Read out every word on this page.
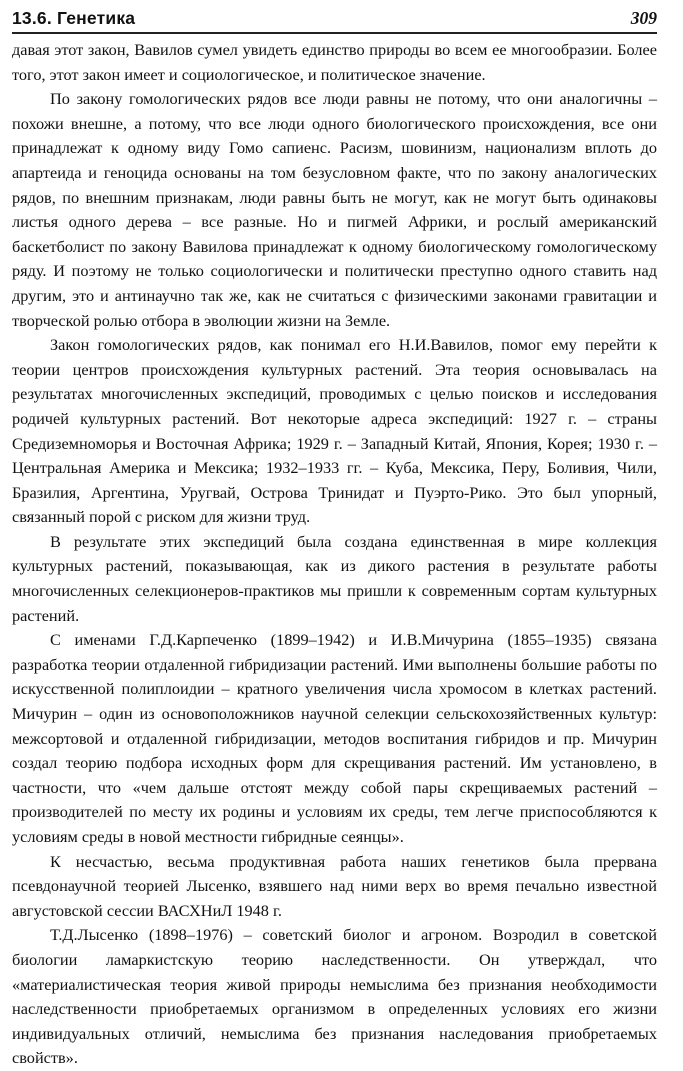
13.6. Генетика	309

давая этот закон, Вавилов сумел увидеть единство природы во всем ее многообразии. Более того, этот закон имеет и социологическое, и политическое значение.

По закону гомологических рядов все люди равны не потому, что они аналогичны – похожи внешне, а потому, что все люди одного биологического происхождения, все они принадлежат к одному виду Гомо сапиенс. Расизм, шовинизм, национализм вплоть до апартеида и геноцида основаны на том безусловном факте, что по закону аналогических рядов, по внешним признакам, люди равны быть не могут, как не могут быть одинаковы листья одного дерева – все разные. Но и пигмей Африки, и рослый американский баскетболист по закону Вавилова принадлежат к одному биологическому гомологическому ряду. И поэтому не только социологически и политически преступно одного ставить над другим, это и антинаучно так же, как не считаться с физическими законами гравитации и творческой ролью отбора в эволюции жизни на Земле.

Закон гомологических рядов, как понимал его Н.И.Вавилов, помог ему перейти к теории центров происхождения культурных растений. Эта теория основывалась на результатах многочисленных экспедиций, проводимых с целью поисков и исследования родичей культурных растений. Вот некоторые адреса экспедиций: 1927 г. – страны Средиземноморья и Восточная Африка; 1929 г. – Западный Китай, Япония, Корея; 1930 г. – Центральная Америка и Мексика; 1932–1933 гг. – Куба, Мексика, Перу, Боливия, Чили, Бразилия, Аргентина, Уругвай, Острова Тринидат и Пуэрто-Рико. Это был упорный, связанный порой с риском для жизни труд.

В результате этих экспедиций была создана единственная в мире коллекция культурных растений, показывающая, как из дикого растения в результате работы многочисленных селекционеров-практиков мы пришли к современным сортам культурных растений.

С именами Г.Д.Карпеченко (1899–1942) и И.В.Мичурина (1855–1935) связана разработка теории отдаленной гибридизации растений. Ими выполнены большие работы по искусственной полиплоидии – кратного увеличения числа хромосом в клетках растений. Мичурин – один из основоположников научной селекции сельскохозяйственных культур: межсортовой и отдаленной гибридизации, методов воспитания гибридов и пр. Мичурин создал теорию подбора исходных форм для скрещивания растений. Им установлено, в частности, что «чем дальше отстоят между собой пары скрещиваемых растений – производителей по месту их родины и условиям их среды, тем легче приспособляются к условиям среды в новой местности гибридные сеянцы».

К несчастью, весьма продуктивная работа наших генетиков была прервана псевдонаучной теорией Лысенко, взявшего над ними верх во время печально известной августовской сессии ВАСХНиЛ 1948 г.

Т.Д.Лысенко (1898–1976) – советский биолог и агроном. Возродил в советской биологии ламаркистскую теорию наследственности. Он утверждал, что «материалистическая теория живой природы немыслима без признания необходимости наследственности приобретаемых организмом в определенных условиях его жизни индивидуальных отличий, немыслима без признания наследования приобретаемых свойств».
